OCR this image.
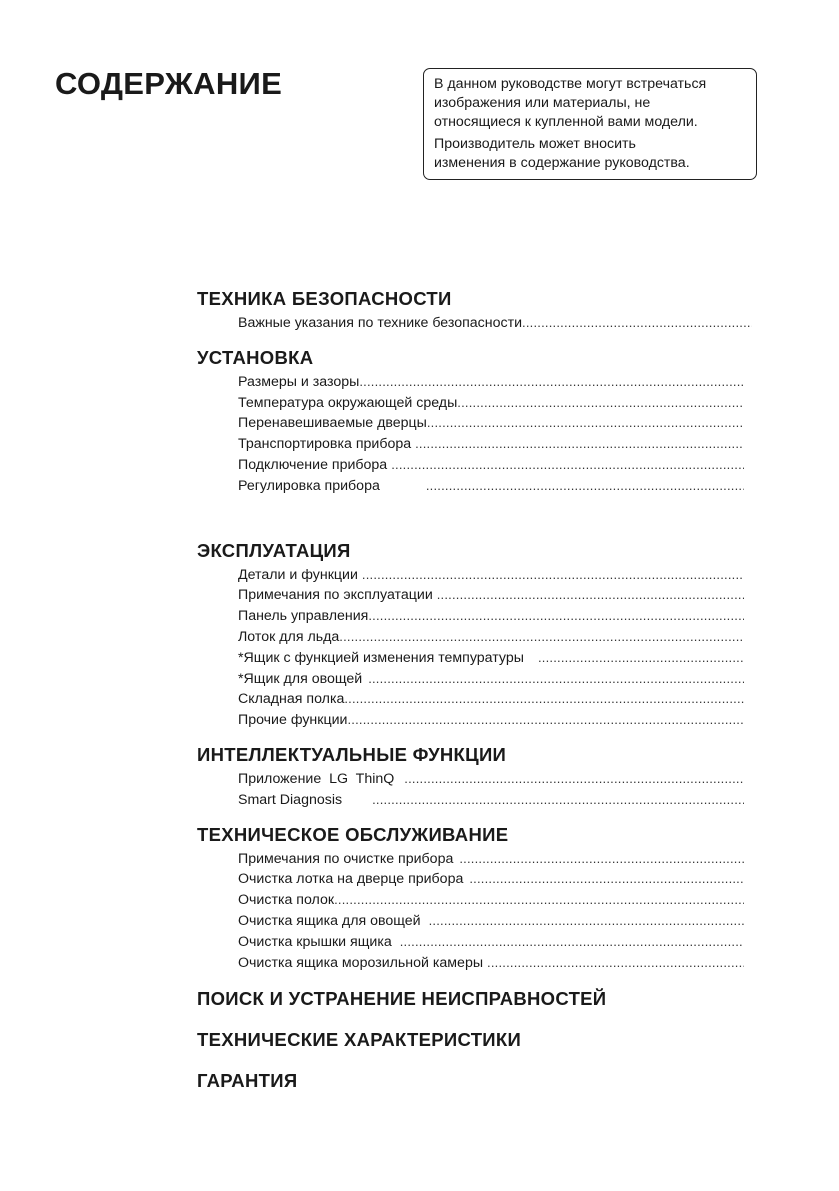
СОДЕРЖАНИЕ	В данном руководстве могут встречаться
изображения или материалы, не
относящиеся к купленной вами модели.

Производитель может вносить
изменения в содержание руководства.

ТЕХНИКА БЕЗОПАСНОСТИ
Важные указания по технике безопасности
.....
УСТАНОВКА
Размеры и зазоры
.....
Температура окружающей среды
.....
Перенавешиваемые дверцы
.....
Транспортировка прибора
.....
Подключение прибора
.....
Регулировка прибора
.....
ЭКСПЛУАТАЦИЯ
Детали и функции
.....
Примечания по эксплуатации
.....
Панель управления
.....
Лоток для льда
.....
*Ящик с функцией изменения темпуратуры
.....
*Ящик для овощей
.....
Складная полка
.....
Прочие функции
.....
ИНТЕЛЛЕКТУАЛЬНЫЕ ФУНКЦИИ
Приложение  LG  ThinQ
.....
Smart Diagnosis
.....
ТЕХНИЧЕСКОЕ ОБСЛУЖИВАНИЕ
Примечания по очистке прибора
.....
Очистка лотка на дверце прибора
.....
Очистка полок
.....
Очистка ящика для овощей
.....
Очистка крышки ящика
.....
Очистка ящика морозильной камеры
.....
ПОИСК И УСТРАНЕНИЕ НЕИСПРАВНОСТЕЙ
ТЕХНИЧЕСКИЕ ХАРАКТЕРИСТИКИ
ГАРАНТИЯ
